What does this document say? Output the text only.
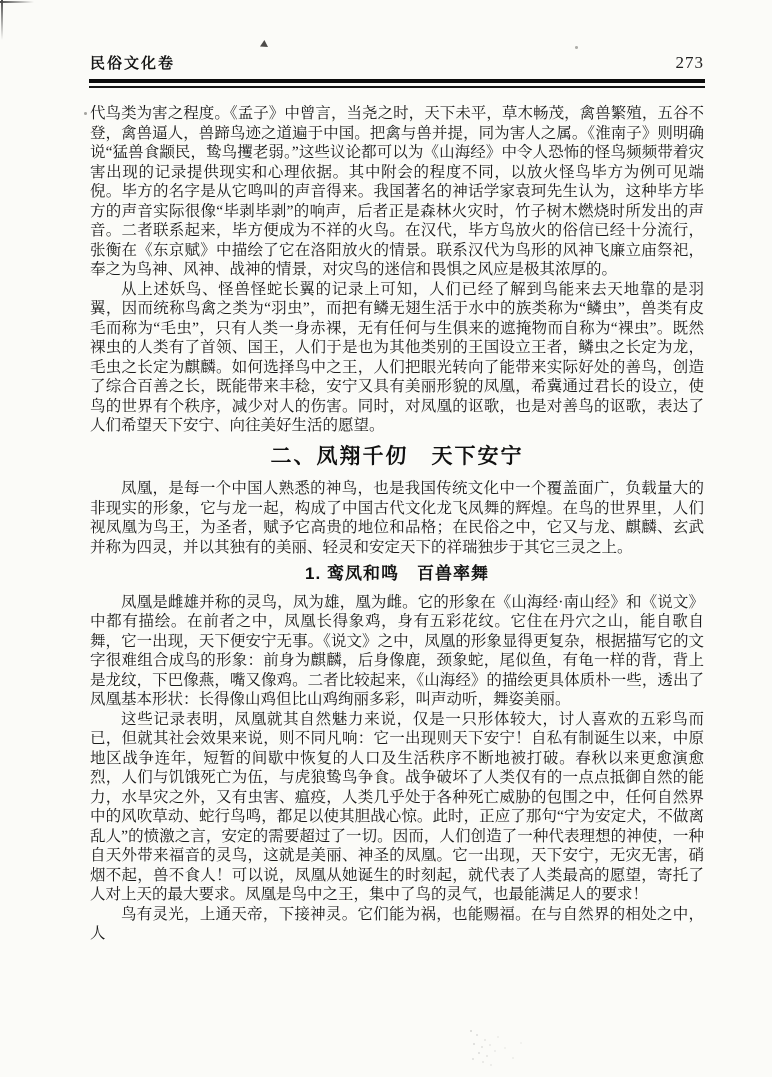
民俗文化卷	273

代鸟类为害之程度。《孟子》中曾言，当尧之时，天下未平，草木畅茂，禽兽繁殖，五谷不登，禽兽逼人，兽蹄鸟迹之道遍于中国。把禽与兽并提，同为害人之属。《淮南子》则明确说“猛兽食颛民，鸷鸟攫老弱。”这些议论都可以为《山海经》中令人恐怖的怪鸟频频带着灾害出现的记录提供现实和心理依据。其中附会的程度不同，以放火怪鸟毕方为例可见端倪。毕方的名字是从它鸣叫的声音得来。我国著名的神话学家袁珂先生认为，这种毕方毕方的声音实际很像“毕剥毕剥”的响声，后者正是森林火灾时，竹子树木燃烧时所发出的声音。二者联系起来，毕方便成为不祥的火鸟。在汉代，毕方鸟放火的俗信已经十分流行，张衡在《东京赋》中描绘了它在洛阳放火的情景。联系汉代为鸟形的风神飞廉立庙祭祀，奉之为鸟神、风神、战神的情景，对灾鸟的迷信和畏惧之风应是极其浓厚的。

从上述妖鸟、怪兽怪蛇长翼的记录上可知，人们已经了解到鸟能来去天地靠的是羽翼，因而统称鸟禽之类为“羽虫”，而把有鳞无翅生活于水中的族类称为“鳞虫”，兽类有皮毛而称为“毛虫”，只有人类一身赤裸，无有任何与生俱来的遮掩物而自称为“裸虫”。既然裸虫的人类有了首领、国王，人们于是也为其他类别的王国设立王者，鳞虫之长定为龙，毛虫之长定为麒麟。如何选择鸟中之王，人们把眼光转向了能带来实际好处的善鸟，创造了综合百善之长，既能带来丰稔，安宁又具有美丽形貌的凤凰，希冀通过君长的设立，使鸟的世界有个秩序，减少对人的伤害。同时，对凤凰的讴歌，也是对善鸟的讴歌，表达了人们希望天下安宁、向往美好生活的愿望。

二、凤翔千仞　天下安宁

凤凰，是每一个中国人熟悉的神鸟，也是我国传统文化中一个覆盖面广，负载量大的非现实的形象，它与龙一起，构成了中国古代文化龙飞凤舞的辉煌。在鸟的世界里，人们视凤凰为鸟王，为圣者，赋予它高贵的地位和品格；在民俗之中，它又与龙、麒麟、玄武并称为四灵，并以其独有的美丽、轻灵和安定天下的祥瑞独步于其它三灵之上。

1. 鸾凤和鸣　百兽率舞

凤凰是雌雄并称的灵鸟，凤为雄，凰为雌。它的形象在《山海经·南山经》和《说文》中都有描绘。在前者之中，凤凰长得象鸡，身有五彩花纹。它住在丹穴之山，能自歌自舞，它一出现，天下便安宁无事。《说文》之中，凤凰的形象显得更复杂，根据描写它的文字很难组合成鸟的形象：前身为麒麟，后身像鹿，颈象蛇，尾似鱼，有龟一样的背，背上是龙纹，下巴像燕，嘴又像鸡。二者比较起来，《山海经》的描绘更具体质朴一些，透出了凤凰基本形状：长得像山鸡但比山鸡绚丽多彩，叫声动听，舞姿美丽。

这些记录表明，凤凰就其自然魅力来说，仅是一只形体较大，讨人喜欢的五彩鸟而已，但就其社会效果来说，则不同凡响：它一出现则天下安宁！自私有制诞生以来，中原地区战争连年，短暂的间歇中恢复的人口及生活秩序不断地被打破。春秋以来更愈演愈烈，人们与饥饿死亡为伍，与虎狼鸷鸟争食。战争破坏了人类仅有的一点点抵御自然的能力，水旱灾之外，又有虫害、瘟疫，人类几乎处于各种死亡威胁的包围之中，任何自然界中的风吹草动、蛇行鸟鸣，都足以使其胆战心惊。此时，正应了那句“宁为安定犬，不做离乱人”的愤激之言，安定的需要超过了一切。因而，人们创造了一种代表理想的神使，一种自天外带来福音的灵鸟，这就是美丽、神圣的凤凰。它一出现，天下安宁，无灾无害，硝烟不起，兽不食人！可以说，凤凰从她诞生的时刻起，就代表了人类最高的愿望，寄托了人对上天的最大要求。凤凰是鸟中之王，集中了鸟的灵气，也最能满足人的要求！

鸟有灵光，上通天帝，下接神灵。它们能为祸，也能赐福。在与自然界的相处之中，人
